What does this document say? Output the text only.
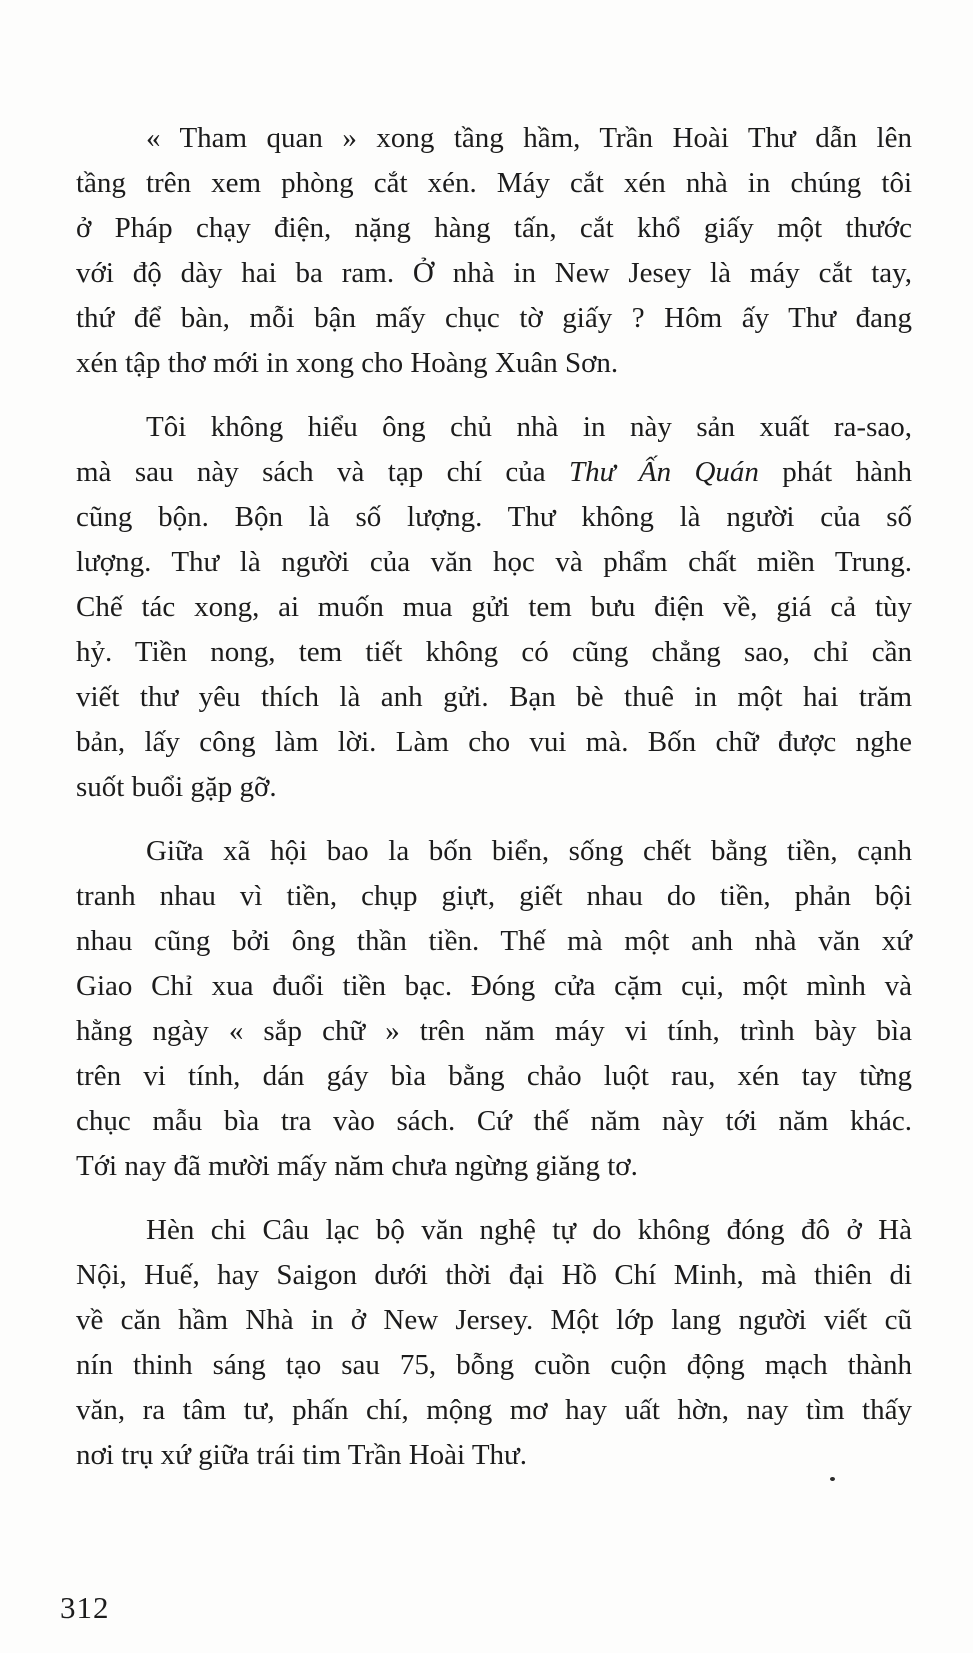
« Tham quan » xong tầng hầm, Trần Hoài Thư dẫn lên
tầng trên xem phòng cắt xén. Máy cắt xén nhà in chúng tôi
ở Pháp chạy điện, nặng hàng tấn, cắt khổ giấy một thước
với độ dày hai ba ram. Ở nhà in New Jesey là máy cắt tay,
thứ để bàn, mỗi bận mấy chục tờ giấy ? Hôm ấy Thư đang
xén tập thơ mới in xong cho Hoàng Xuân Sơn.
Tôi không hiểu ông chủ nhà in này sản xuất ra-sao,
mà sau này sách và tạp chí của Thư Ấn Quán phát hành
cũng bộn. Bộn là số lượng. Thư không là người của số
lượng. Thư là người của văn học và phẩm chất miền Trung.
Chế tác xong, ai muốn mua gửi tem bưu điện về, giá cả tùy
hỷ. Tiền nong, tem tiết không có cũng chẳng sao, chỉ cần
viết thư yêu thích là anh gửi. Bạn bè thuê in một hai trăm
bản, lấy công làm lời. Làm cho vui mà. Bốn chữ được nghe
suốt buổi gặp gỡ.
Giữa xã hội bao la bốn biển, sống chết bằng tiền, cạnh
tranh nhau vì tiền, chụp giựt, giết nhau do tiền, phản bội
nhau cũng bởi ông thần tiền. Thế mà một anh nhà văn xứ
Giao Chỉ xua đuổi tiền bạc. Đóng cửa cặm cụi, một mình và
hằng ngày « sắp chữ » trên năm máy vi tính, trình bày bìa
trên vi tính, dán gáy bìa bằng chảo luột rau, xén tay từng
chục mẫu bìa tra vào sách. Cứ thế năm này tới năm khác.
Tới nay đã mười mấy năm chưa ngừng giăng tơ.
Hèn chi Câu lạc bộ văn nghệ tự do không đóng đô ở Hà
Nội, Huế, hay Saigon dưới thời đại Hồ Chí Minh, mà thiên di
về căn hầm Nhà in ở New Jersey. Một lớp lang người viết cũ
nín thinh sáng tạo sau 75, bỗng cuồn cuộn động mạch thành
văn, ra tâm tư, phấn chí, mộng mơ hay uất hờn, nay tìm thấy
nơi trụ xứ giữa trái tim Trần Hoài Thư.
312
